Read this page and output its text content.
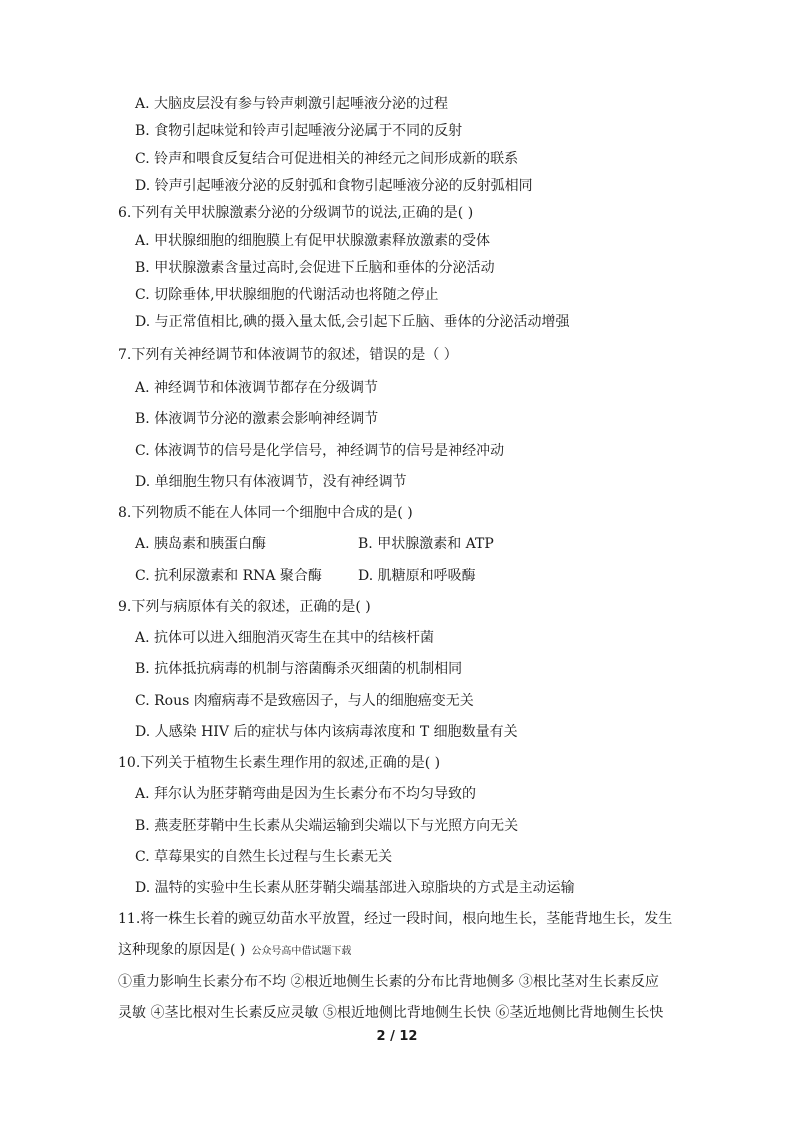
A. 大脑皮层没有参与铃声刺激引起唾液分泌的过程
B. 食物引起味觉和铃声引起唾液分泌属于不同的反射
C. 铃声和喂食反复结合可促进相关的神经元之间形成新的联系
D. 铃声引起唾液分泌的反射弧和食物引起唾液分泌的反射弧相同
6.下列有关甲状腺激素分泌的分级调节的说法,正确的是( )
A. 甲状腺细胞的细胞膜上有促甲状腺激素释放激素的受体
B. 甲状腺激素含量过高时,会促进下丘脑和垂体的分泌活动
C. 切除垂体,甲状腺细胞的代谢活动也将随之停止
D. 与正常值相比,碘的摄入量太低,会引起下丘脑、垂体的分泌活动增强
7.下列有关神经调节和体液调节的叙述，错误的是（ ）
A. 神经调节和体液调节都存在分级调节
B. 体液调节分泌的激素会影响神经调节
C. 体液调节的信号是化学信号，神经调节的信号是神经冲动
D. 单细胞生物只有体液调节，没有神经调节
8.下列物质不能在人体同一个细胞中合成的是( )
A. 胰岛素和胰蛋白酶	B. 甲状腺激素和 ATP
C. 抗利尿激素和 RNA 聚合酶	D. 肌糖原和呼吸酶
9.下列与病原体有关的叙述，正确的是( )
A. 抗体可以进入细胞消灭寄生在其中的结核杆菌
B. 抗体抵抗病毒的机制与溶菌酶杀灭细菌的机制相同
C. Rous 肉瘤病毒不是致癌因子，与人的细胞癌变无关
D. 人感染 HIV 后的症状与体内该病毒浓度和 T 细胞数量有关
10.下列关于植物生长素生理作用的叙述,正确的是( )
A. 拜尔认为胚芽鞘弯曲是因为生长素分布不均匀导致的
B. 燕麦胚芽鞘中生长素从尖端运输到尖端以下与光照方向无关
C. 草莓果实的自然生长过程与生长素无关
D. 温特的实验中生长素从胚芽鞘尖端基部进入琼脂块的方式是主动运输
11.将一株生长着的豌豆幼苗水平放置，经过一段时间，根向地生长，茎能背地生长，发生
这种现象的原因是( ) 公众号高中借试题下载
①重力影响生长素分布不均 ②根近地侧生长素的分布比背地侧多 ③根比茎对生长素反应
灵敏 ④茎比根对生长素反应灵敏 ⑤根近地侧比背地侧生长快 ⑥茎近地侧比背地侧生长快
2 / 12
